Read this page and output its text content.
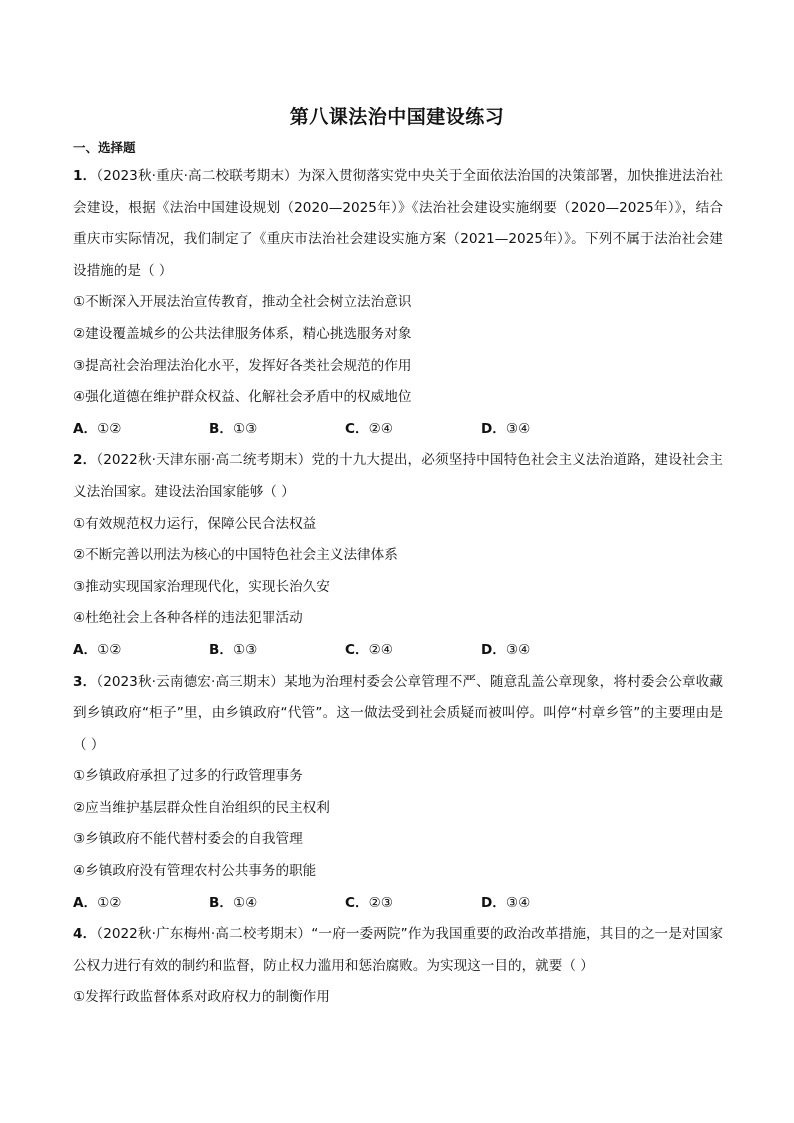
第八课法治中国建设练习
一、选择题

1．（2023秋·重庆·高二校联考期末）为深入贯彻落实党中央关于全面依法治国的决策部署，加快推进法治社会建设，根据《法治中国建设规划（2020—2025年）》《法治社会建设实施纲要（2020—2025年）》，结合重庆市实际情况，我们制定了《重庆市法治社会建设实施方案（2021—2025年）》。下列不属于法治社会建设措施的是（ ）

①不断深入开展法治宣传教育，推动全社会树立法治意识

②建设覆盖城乡的公共法律服务体系，精心挑选服务对象

③提高社会治理法治化水平，发挥好各类社会规范的作用

④强化道德在维护群众权益、化解社会矛盾中的权威地位

A．①②	B．①③	C．②④	D．③④

2．（2022秋·天津东丽·高二统考期末）党的十九大提出，必须坚持中国特色社会主义法治道路，建设社会主义法治国家。建设法治国家能够（ ）

①有效规范权力运行，保障公民合法权益

②不断完善以刑法为核心的中国特色社会主义法律体系

③推动实现国家治理现代化，实现长治久安

④杜绝社会上各种各样的违法犯罪活动

A．①②	B．①③	C．②④	D．③④

3．（2023秋·云南德宏·高三期末）某地为治理村委会公章管理不严、随意乱盖公章现象，将村委会公章收藏到乡镇政府“柜子”里，由乡镇政府“代管”。这一做法受到社会质疑而被叫停。叫停“村章乡管”的主要理由是（ ）

①乡镇政府承担了过多的行政管理事务

②应当维护基层群众性自治组织的民主权利

③乡镇政府不能代替村委会的自我管理

④乡镇政府没有管理农村公共事务的职能

A．①②	B．①④	C．②③	D．③④

4．（2022秋·广东梅州·高二校考期末）“一府一委两院”作为我国重要的政治改革措施，其目的之一是对国家公权力进行有效的制约和监督，防止权力滥用和惩治腐败。为实现这一目的，就要（ ）

①发挥行政监督体系对政府权力的制衡作用
